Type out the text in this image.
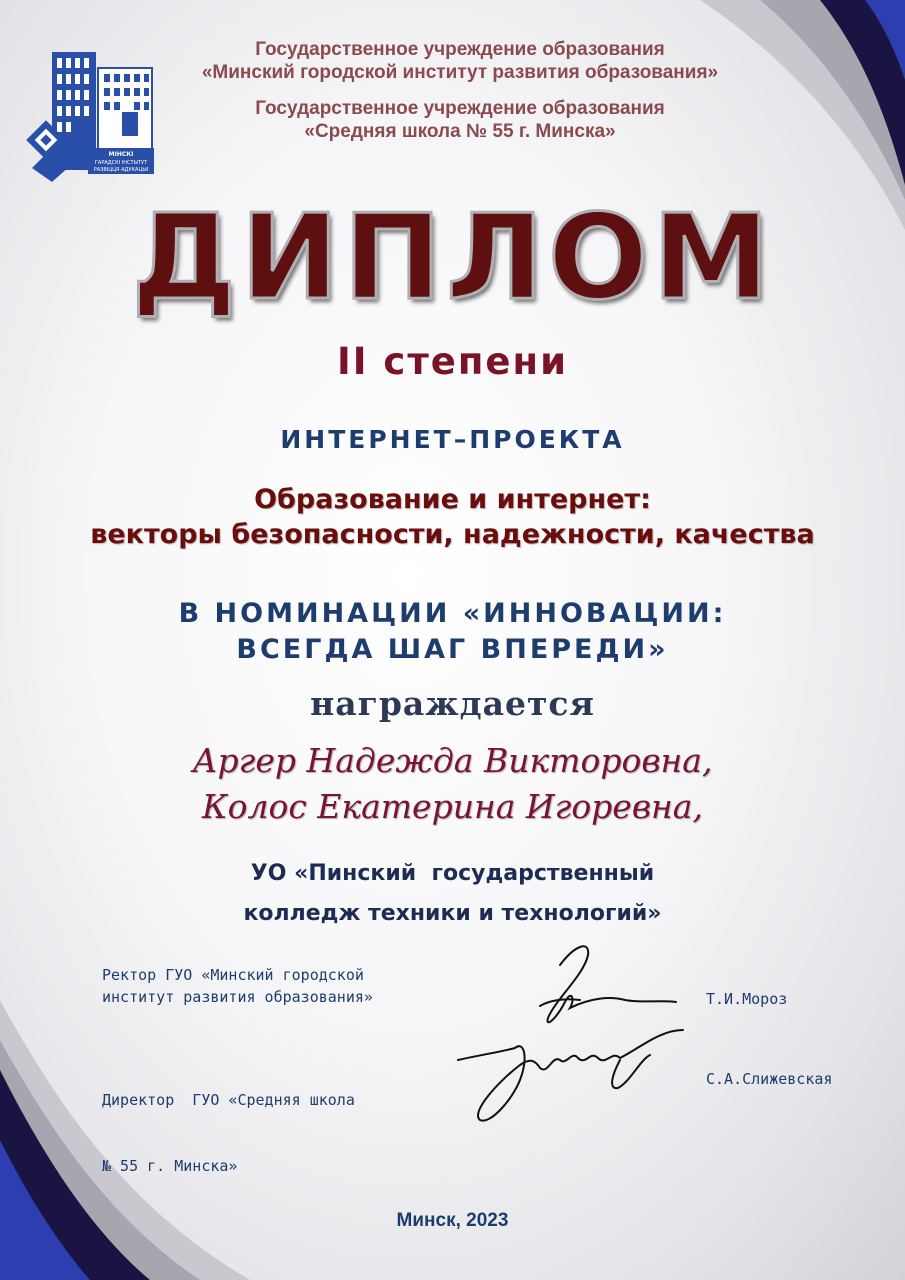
МІНСКІ
ГАРАДСКІ ІНСТЫТУТ
РАЗВІЦЦЯ АДУКАЦЫІ
Государственное учреждение образования
«Минский городской институт развития образования»
Государственное учреждение образования
«Средняя школа № 55 г. Минска»
ДИПЛОМ
II степени
ИНТЕРНЕТ–ПРОЕКТА
Образование и интернет:
векторы безопасности, надежности, качества
В НОМИНАЦИИ «ИННОВАЦИИ:
ВСЕГДА ШАГ ВПЕРЕДИ»
награждается
Аргер Надежда Викторовна,
Колос Екатерина Игоревна,
УО «Пинский  государственный
колледж техники и технологий»
Ректор ГУО «Минский городской
институт развития образования»	Т.И.Мороз

Директор  ГУО «Средняя школа

№ 55 г. Минска»

С.А.Слижевская
Минск, 2023
